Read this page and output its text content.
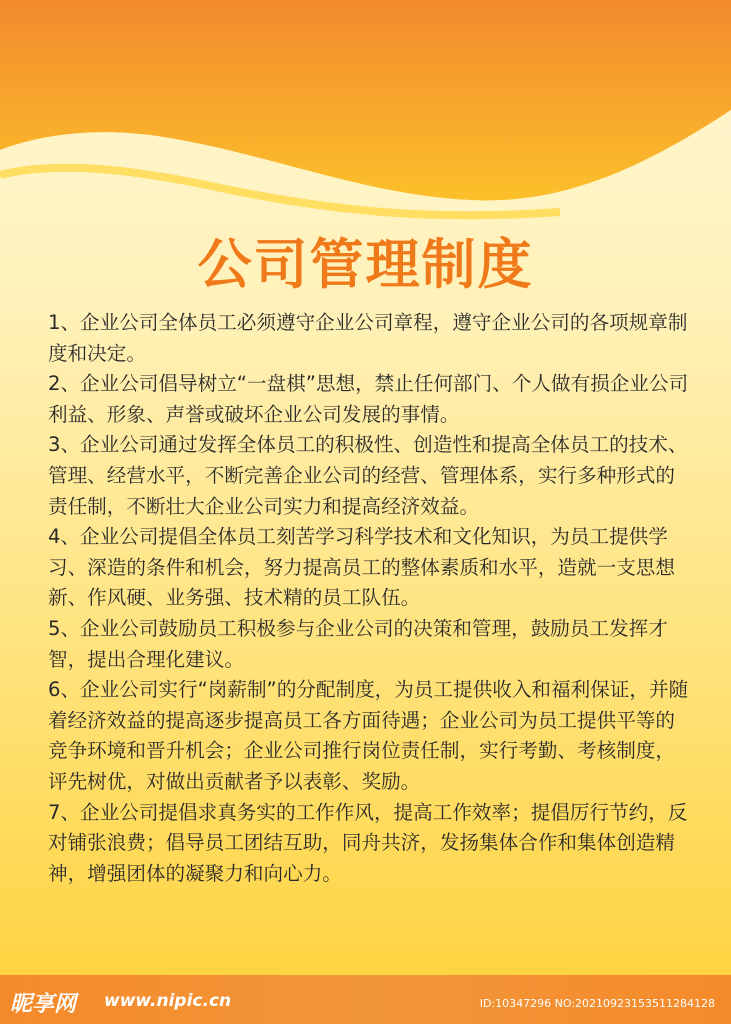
公司管理制度
1、企业公司全体员工必须遵守企业公司章程，遵守企业公司的各项规章制度和决定。
2、企业公司倡导树立“一盘棋”思想，禁止任何部门、个人做有损企业公司利益、形象、声誉或破坏企业公司发展的事情。
3、企业公司通过发挥全体员工的积极性、创造性和提高全体员工的技术、管理、经营水平，不断完善企业公司的经营、管理体系，实行多种形式的责任制，不断壮大企业公司实力和提高经济效益。
4、企业公司提倡全体员工刻苦学习科学技术和文化知识，为员工提供学习、深造的条件和机会，努力提高员工的整体素质和水平，造就一支思想新、作风硬、业务强、技术精的员工队伍。
5、企业公司鼓励员工积极参与企业公司的决策和管理，鼓励员工发挥才智，提出合理化建议。
6、企业公司实行“岗薪制”的分配制度，为员工提供收入和福利保证，并随着经济效益的提高逐步提高员工各方面待遇；企业公司为员工提供平等的竞争环境和晋升机会；企业公司推行岗位责任制，实行考勤、考核制度，评先树优，对做出贡献者予以表彰、奖励。
7、企业公司提倡求真务实的工作作风，提高工作效率；提倡厉行节约，反对铺张浪费；倡导员工团结互助，同舟共济，发扬集体合作和集体创造精神，增强团体的凝聚力和向心力。
昵享网 www.nipic.cn	ID:10347296 NO:20210923153511284128
